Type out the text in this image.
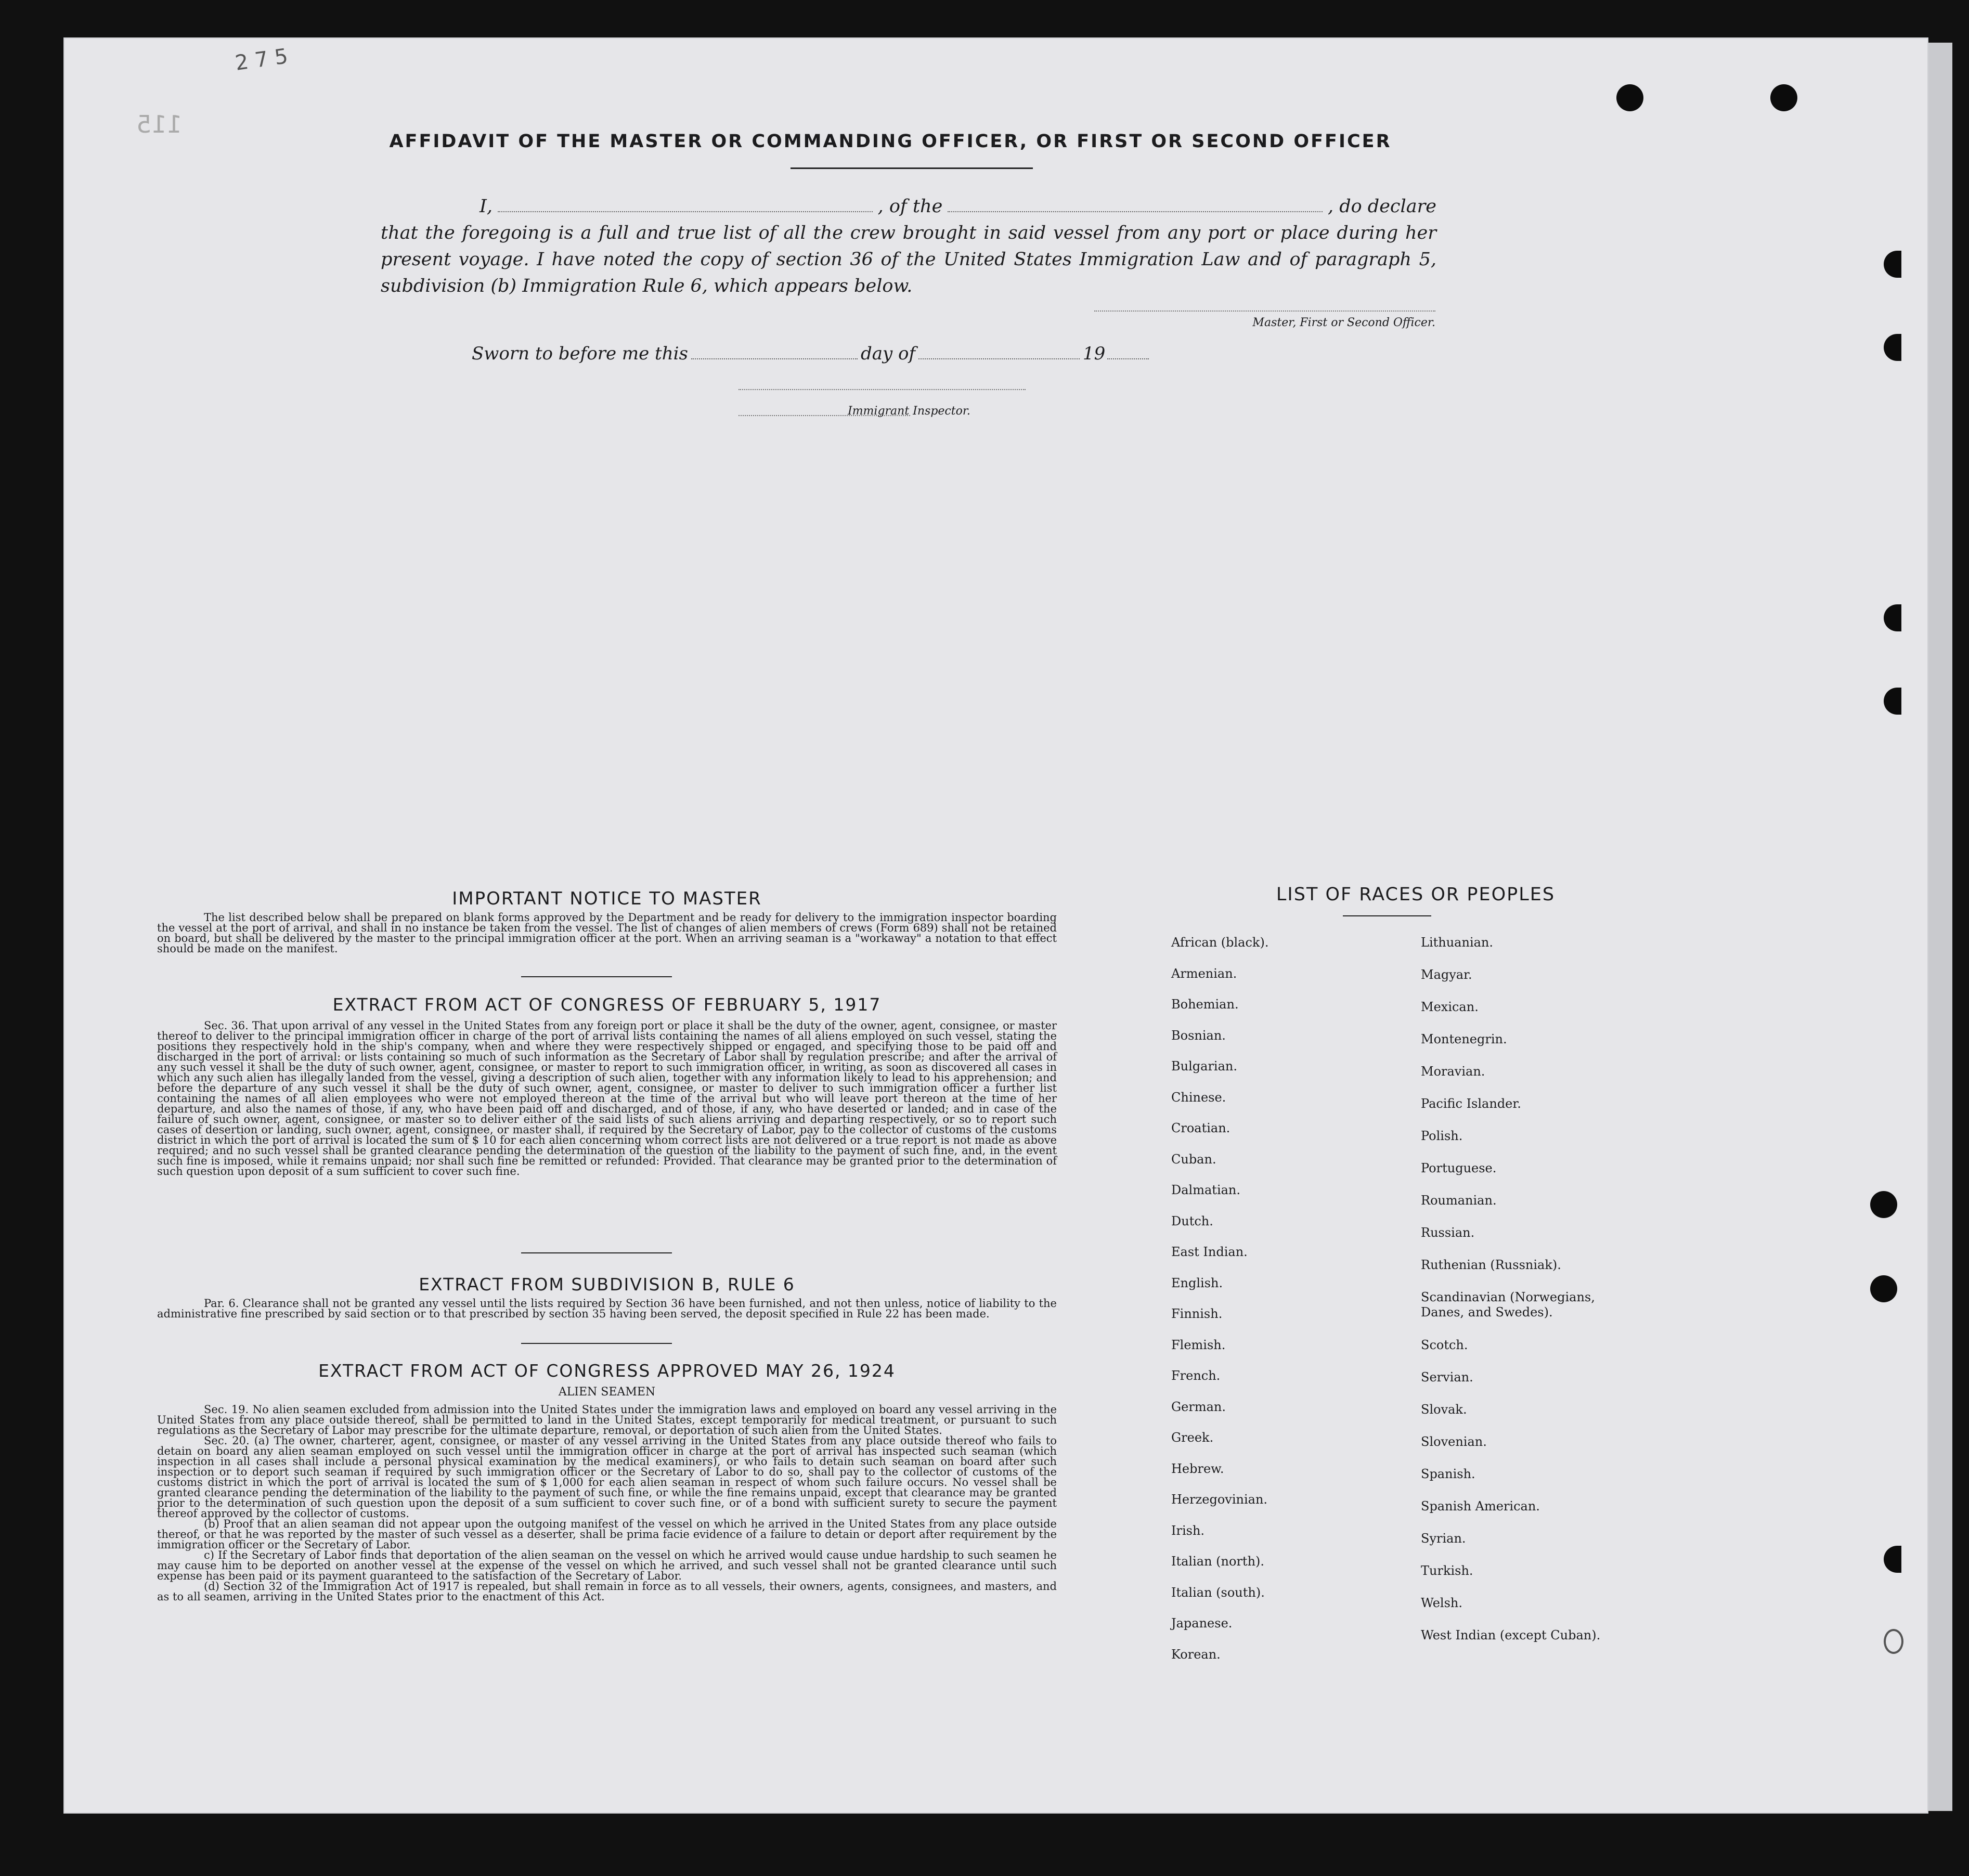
2 7 5
115
AFFIDAVIT OF THE MASTER OR COMMANDING OFFICER, OR FIRST OR SECOND OFFICER
I,	, of the	, do declare
that the foregoing is a full and true list of all the crew brought in said vessel from any port or place during her
present voyage. I have noted the copy of section 36 of the United States Immigration Law and of paragraph 5,
subdivision (b) Immigration Rule 6, which appears below.
Master, First or Second Officer.
Sworn to before me this	day of	19
Immigrant Inspector.
IMPORTANT NOTICE TO MASTER
The list described below shall be prepared on blank forms approved by the Department and be ready for delivery to the immigration inspector boarding the vessel at the port of arrival, and shall in no instance be taken from the vessel. The list of changes of alien members of crews (Form 689) shall not be retained on board, but shall be delivered by the master to the principal immigration officer at the port. When an arriving seaman is a "workaway" a notation to that effect should be made on the manifest.
EXTRACT FROM ACT OF CONGRESS OF FEBRUARY 5, 1917
Sec. 36. That upon arrival of any vessel in the United States from any foreign port or place it shall be the duty of the owner, agent, consignee, or master thereof to deliver to the principal immigration officer in charge of the port of arrival lists containing the names of all aliens employed on such vessel, stating the positions they respectively hold in the ship's company, when and where they were respectively shipped or engaged, and specifying those to be paid off and discharged in the port of arrival: or lists containing so much of such information as the Secretary of Labor shall by regulation prescribe; and after the arrival of any such vessel it shall be the duty of such owner, agent, consignee, or master to report to such immigration officer, in writing, as soon as discovered all cases in which any such alien has illegally landed from the vessel, giving a description of such alien, together with any information likely to lead to his apprehension; and before the departure of any such vessel it shall be the duty of such owner, agent, consignee, or master to deliver to such immigration officer a further list containing the names of all alien employees who were not employed thereon at the time of the arrival but who will leave port thereon at the time of her departure, and also the names of those, if any, who have been paid off and discharged, and of those, if any, who have deserted or landed; and in case of the failure of such owner, agent, consignee, or master so to deliver either of the said lists of such aliens arriving and departing respectively, or so to report such cases of desertion or landing, such owner, agent, consignee, or master shall, if required by the Secretary of Labor, pay to the collector of customs of the customs district in which the port of arrival is located the sum of $ 10 for each alien concerning whom correct lists are not delivered or a true report is not made as above required; and no such vessel shall be granted clearance pending the determination of the question of the liability to the payment of such fine, and, in the event such fine is imposed, while it remains unpaid; nor shall such fine be remitted or refunded: Provided. That clearance may be granted prior to the determination of such question upon deposit of a sum sufficient to cover such fine.
EXTRACT FROM SUBDIVISION B, RULE 6
Par. 6. Clearance shall not be granted any vessel until the lists required by Section 36 have been furnished, and not then unless, notice of liability to the administrative fine prescribed by said section or to that prescribed by section 35 having been served, the deposit specified in Rule 22 has been made.
EXTRACT FROM ACT OF CONGRESS APPROVED MAY 26, 1924
ALIEN SEAMEN
Sec. 19. No alien seamen excluded from admission into the United States under the immigration laws and employed on board any vessel arriving in the United States from any place outside thereof, shall be permitted to land in the United States, except temporarily for medical treatment, or pursuant to such regulations as the Secretary of Labor may prescribe for the ultimate departure, removal, or deportation of such alien from the United States.
Sec. 20. (a) The owner, charterer, agent, consignee, or master of any vessel arriving in the United States from any place outside thereof who fails to detain on board any alien seaman employed on such vessel until the immigration officer in charge at the port of arrival has inspected such seaman (which inspection in all cases shall include a personal physical examination by the medical examiners), or who fails to detain such seaman on board after such inspection or to deport such seaman if required by such immigration officer or the Secretary of Labor to do so, shall pay to the collector of customs of the customs district in which the port of arrival is located the sum of $ 1,000 for each alien seaman in respect of whom such failure occurs. No vessel shall be granted clearance pending the determination of the liability to the payment of such fine, or while the fine remains unpaid, except that clearance may be granted prior to the determination of such question upon the deposit of a sum sufficient to cover such fine, or of a bond with sufficient surety to secure the payment thereof approved by the collector of customs.
(b) Proof that an alien seaman did not appear upon the outgoing manifest of the vessel on which he arrived in the United States from any place outside thereof, or that he was reported by the master of such vessel as a deserter, shall be prima facie evidence of a failure to detain or deport after requirement by the immigration officer or the Secretary of Labor.
c) If the Secretary of Labor finds that deportation of the alien seaman on the vessel on which he arrived would cause undue hardship to such seamen he may cause him to be deported on another vessel at the expense of the vessel on which he arrived, and such vessel shall not be granted clearance until such expense has been paid or its payment guaranteed to the satisfaction of the Secretary of Labor.
(d) Section 32 of the Immigration Act of 1917 is repealed, but shall remain in force as to all vessels, their owners, agents, consignees, and masters, and as to all seamen, arriving in the United States prior to the enactment of this Act.
LIST OF RACES OR PEOPLES
African (black).
Armenian.
Bohemian.
Bosnian.
Bulgarian.
Chinese.
Croatian.
Cuban.
Dalmatian.
Dutch.
East Indian.
English.
Finnish.
Flemish.
French.
German.
Greek.
Hebrew.
Herzegovinian.
Irish.
Italian (north).
Italian (south).
Japanese.
Korean.
Lithuanian.
Magyar.
Mexican.
Montenegrin.
Moravian.
Pacific Islander.
Polish.
Portuguese.
Roumanian.
Russian.
Ruthenian (Russniak).
Scandinavian (Norwegians, Danes, and Swedes).
Scotch.
Servian.
Slovak.
Slovenian.
Spanish.
Spanish American.
Syrian.
Turkish.
Welsh.
West Indian (except Cuban).
